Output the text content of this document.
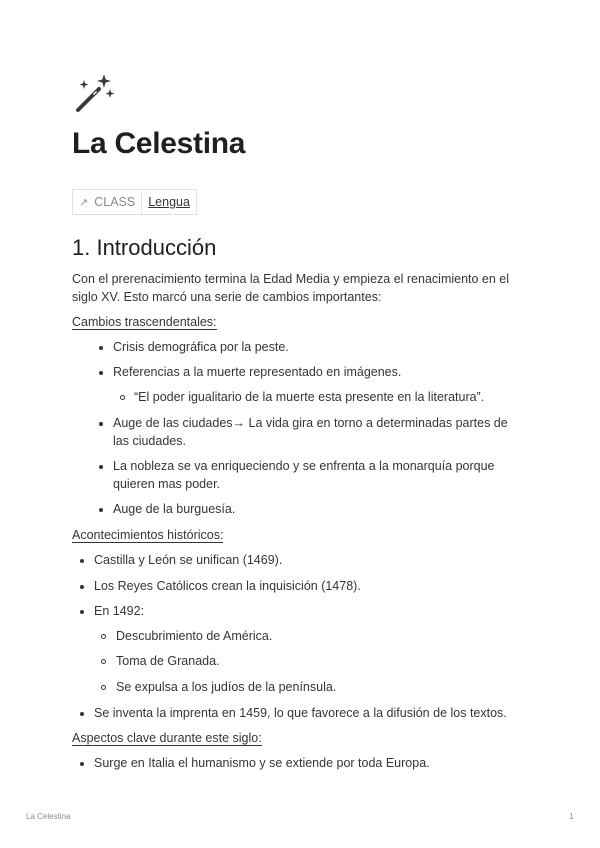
La Celestina
↗ CLASS	Lengua
1. Introducción

Con el prerenacimiento termina la Edad Media y empieza el renacimiento en el siglo XV. Esto marcó una serie de cambios importantes:

Cambios trascendentales:
Crisis demográfica por la peste.
Referencias a la muerte representado en imágenes.
“El poder igualitario de la muerte esta presente en la literatura”.
Auge de las ciudades→ La vida gira en torno a determinadas partes de
las ciudades.
La nobleza se va enriqueciendo y se enfrenta a la monarquía porque
quieren mas poder.
Auge de la burguesía.
Acontecimientos históricos:
Castilla y León se unifican (1469).
Los Reyes Católicos crean la inquisición (1478).
En 1492:
Descubrimiento de América.
Toma de Granada.
Se expulsa a los judíos de la península.
Se inventa la imprenta en 1459, lo que favorece a la difusión de los textos.
Aspectos clave durante este siglo:
Surge en Italia el humanismo y se extiende por toda Europa.
La Celestina	1
